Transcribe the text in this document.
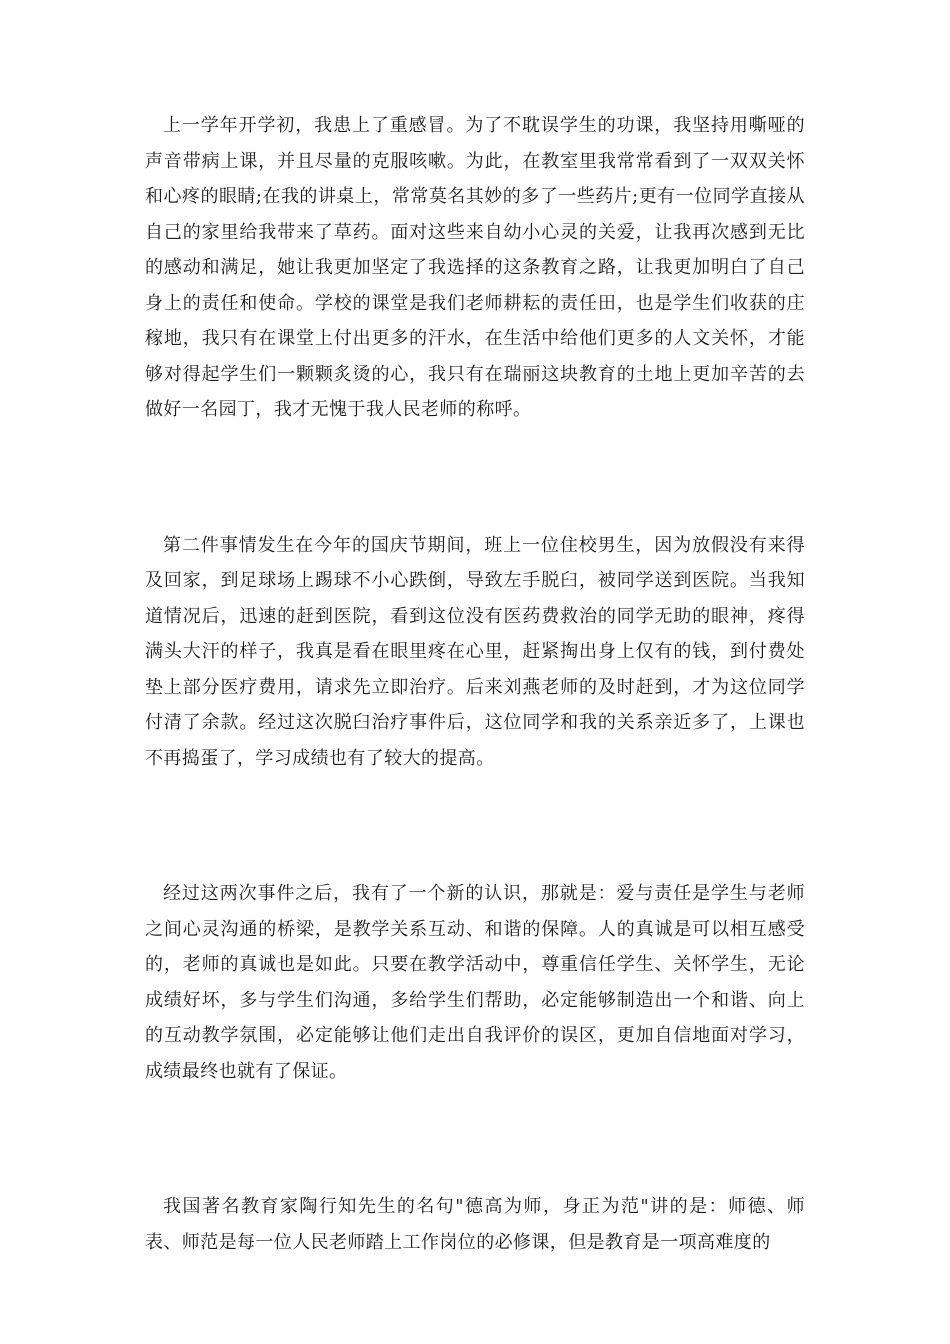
上一学年开学初，我患上了重感冒。为了不耽误学生的功课，我坚持用嘶哑的声音带病上课，并且尽量的克服咳嗽。为此，在教室里我常常看到了一双双关怀和心疼的眼睛;在我的讲桌上，常常莫名其妙的多了一些药片;更有一位同学直接从自己的家里给我带来了草药。面对这些来自幼小心灵的关爱，让我再次感到无比的感动和满足，她让我更加坚定了我选择的这条教育之路，让我更加明白了自己身上的责任和使命。学校的课堂是我们老师耕耘的责任田，也是学生们收获的庄稼地，我只有在课堂上付出更多的汗水，在生活中给他们更多的人文关怀，才能够对得起学生们一颗颗炙烫的心，我只有在瑞丽这块教育的土地上更加辛苦的去做好一名园丁，我才无愧于我人民老师的称呼。

第二件事情发生在今年的国庆节期间，班上一位住校男生，因为放假没有来得及回家，到足球场上踢球不小心跌倒，导致左手脱臼，被同学送到医院。当我知道情况后，迅速的赶到医院，看到这位没有医药费救治的同学无助的眼神，疼得满头大汗的样子，我真是看在眼里疼在心里，赶紧掏出身上仅有的钱，到付费处垫上部分医疗费用，请求先立即治疗。后来刘燕老师的及时赶到，才为这位同学付清了余款。经过这次脱臼治疗事件后，这位同学和我的关系亲近多了，上课也不再捣蛋了，学习成绩也有了较大的提高。

经过这两次事件之后，我有了一个新的认识，那就是：爱与责任是学生与老师之间心灵沟通的桥梁，是教学关系互动、和谐的保障。人的真诚是可以相互感受的，老师的真诚也是如此。只要在教学活动中，尊重信任学生、关怀学生，无论成绩好坏，多与学生们沟通，多给学生们帮助，必定能够制造出一个和谐、向上的互动教学氛围，必定能够让他们走出自我评价的误区，更加自信地面对学习，成绩最终也就有了保证。

我国著名教育家陶行知先生的名句"德高为师，身正为范"讲的是：师德、师表、师范是每一位人民老师踏上工作岗位的必修课，但是教育是一项高难度的
